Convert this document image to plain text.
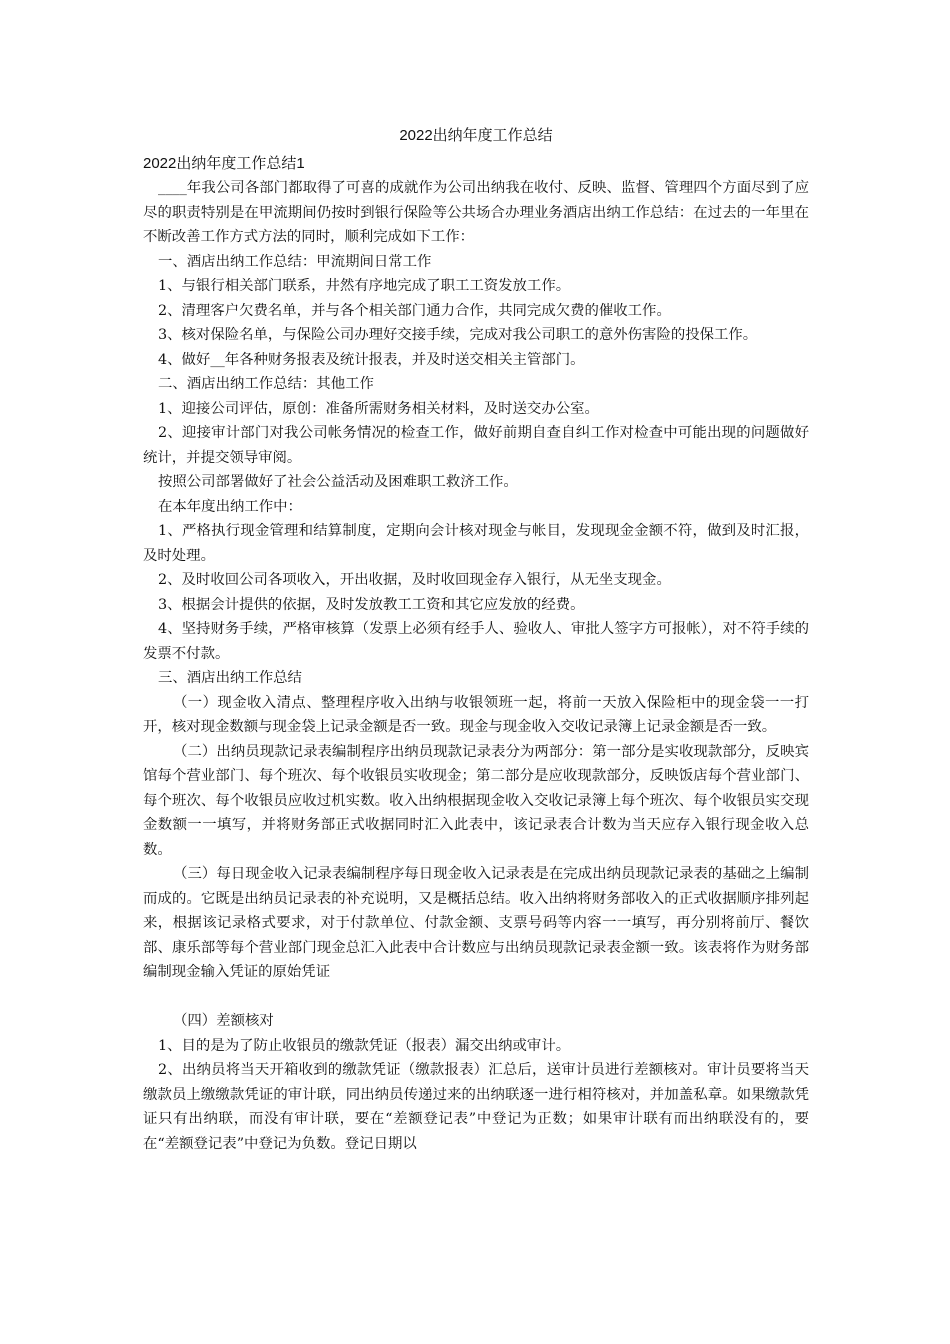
2022出纳年度工作总结
2022出纳年度工作总结1

____年我公司各部门都取得了可喜的成就作为公司出纳我在收付、反映、监督、管理四个方面尽到了应尽的职责特别是在甲流期间仍按时到银行保险等公共场合办理业务酒店出纳工作总结：在过去的一年里在不断改善工作方式方法的同时，顺利完成如下工作：

一、酒店出纳工作总结：甲流期间日常工作

1、与银行相关部门联系，井然有序地完成了职工工资发放工作。

2、清理客户欠费名单，并与各个相关部门通力合作，共同完成欠费的催收工作。

3、核对保险名单，与保险公司办理好交接手续，完成对我公司职工的意外伤害险的投保工作。

4、做好__年各种财务报表及统计报表，并及时送交相关主管部门。

二、酒店出纳工作总结：其他工作

1、迎接公司评估，原创：准备所需财务相关材料，及时送交办公室。

2、迎接审计部门对我公司帐务情况的检查工作，做好前期自查自纠工作对检查中可能出现的问题做好统计，并提交领导审阅。

按照公司部署做好了社会公益活动及困难职工救济工作。

在本年度出纳工作中：

1、严格执行现金管理和结算制度，定期向会计核对现金与帐目，发现现金金额不符，做到及时汇报，及时处理。

2、及时收回公司各项收入，开出收据，及时收回现金存入银行，从无坐支现金。

3、根据会计提供的依据，及时发放教工工资和其它应发放的经费。

4、坚持财务手续，严格审核算（发票上必须有经手人、验收人、审批人签字方可报帐），对不符手续的发票不付款。

三、酒店出纳工作总结

（一）现金收入清点、整理程序收入出纳与收银领班一起，将前一天放入保险柜中的现金袋一一打开，核对现金数额与现金袋上记录金额是否一致。现金与现金收入交收记录簿上记录金额是否一致。

（二）出纳员现款记录表编制程序出纳员现款记录表分为两部分：第一部分是实收现款部分，反映宾馆每个营业部门、每个班次、每个收银员实收现金；第二部分是应收现款部分，反映饭店每个营业部门、每个班次、每个收银员应收过机实数。收入出纳根据现金收入交收记录簿上每个班次、每个收银员实交现金数额一一填写，并将财务部正式收据同时汇入此表中，该记录表合计数为当天应存入银行现金收入总数。

（三）每日现金收入记录表编制程序每日现金收入记录表是在完成出纳员现款记录表的基础之上编制而成的。它既是出纳员记录表的补充说明，又是概括总结。收入出纳将财务部收入的正式收据顺序排列起来，根据该记录格式要求，对于付款单位、付款金额、支票号码等内容一一填写，再分别将前厅、餐饮部、康乐部等每个营业部门现金总汇入此表中合计数应与出纳员现款记录表金额一致。该表将作为财务部编制现金输入凭证的原始凭证

（四）差额核对

1、目的是为了防止收银员的缴款凭证（报表）漏交出纳或审计。

2、出纳员将当天开箱收到的缴款凭证（缴款报表）汇总后，送审计员进行差额核对。审计员要将当天缴款员上缴缴款凭证的审计联，同出纳员传递过来的出纳联逐一进行相符核对，并加盖私章。如果缴款凭证只有出纳联，而没有审计联，要在“差额登记表”中登记为正数；如果审计联有而出纳联没有的，要在“差额登记表”中登记为负数。登记日期以
